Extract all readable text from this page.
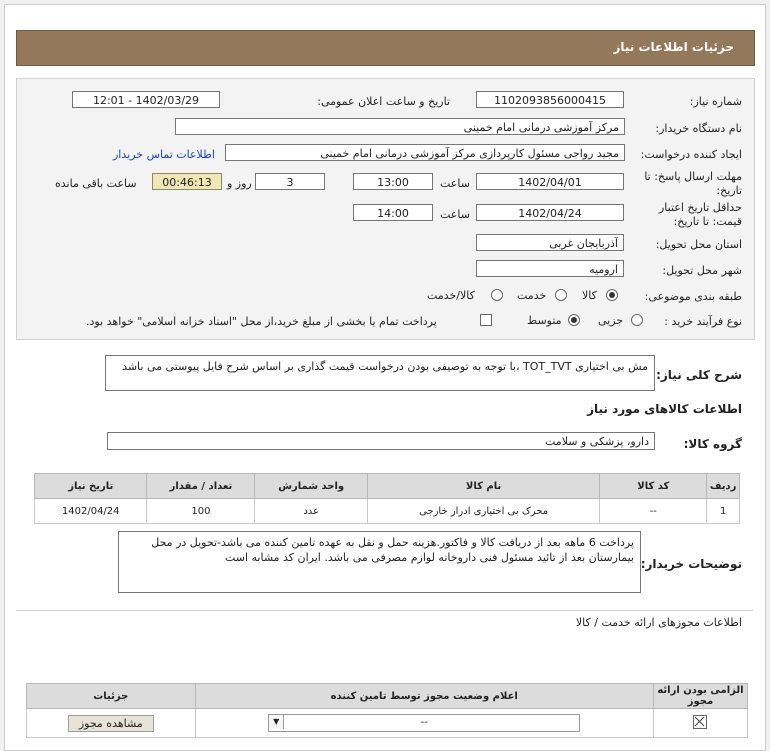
جزئیات اطلاعات نیاز
شماره نیاز:
1102093856000415
تاریخ و ساعت اعلان عمومی:
1402/03/29 - 12:01
نام دستگاه خریدار:
مرکز آموزشی درمانی امام خمینی
ایجاد کننده درخواست:
مجید رواجی مسئول کارپردازی مرکز آموزشی درمانی امام خمینی
اطلاعات تماس خریدار
مهلت ارسال پاسخ: تا
تاریخ:
1402/04/01
ساعت
13:00
3
روز و
00:46:13
ساعت باقی مانده
حداقل تاریخ اعتبار
قیمت: تا تاریخ:
1402/04/24
ساعت
14:00
استان محل تحویل:
آذربایجان غربی
شهر محل تحویل:
ارومیه
طبقه بندی موضوعی:
کالا
خدمت
کالا/خدمت
نوع فرآیند خرید :
جزیی
متوسط
پرداخت تمام یا بخشی از مبلغ خرید،از محل "اسناد خزانه اسلامی" خواهد بود.
شرح کلی نیاز:
مش بی اختیاری TOT_TVT ،با توجه به توصیفی بودن درخواست قیمت گذاری بر اساس شرح فایل پیوستی می باشد
اطلاعات کالاهای مورد نیاز
گروه کالا:
دارو، پزشکی و سلامت
ردیف	کد کالا	نام کالا	واحد شمارش	تعداد / مقدار	تاریخ نیاز
1	--	محرک بی اختیاری ادرار خارجی	عدد	100	1402/04/24
توضیحات خریدار:
پرداخت 6 ماهه بعد از دریافت کالا و فاکتور.هزینه حمل و نقل به عهده تامین کننده می باشد-تحویل در محل بیمارستان بعد از تائید مسئول فنی داروخانه لوازم مصرفی می باشد. ایران کد مشابه است
اطلاعات مجوزهای ارائه خدمت / کالا
الزامی بودن ارائه مجوز	اعلام وضعیت مجوز توسط تامین کننده	جزئیات

	▼ --	مشاهده مجوز
